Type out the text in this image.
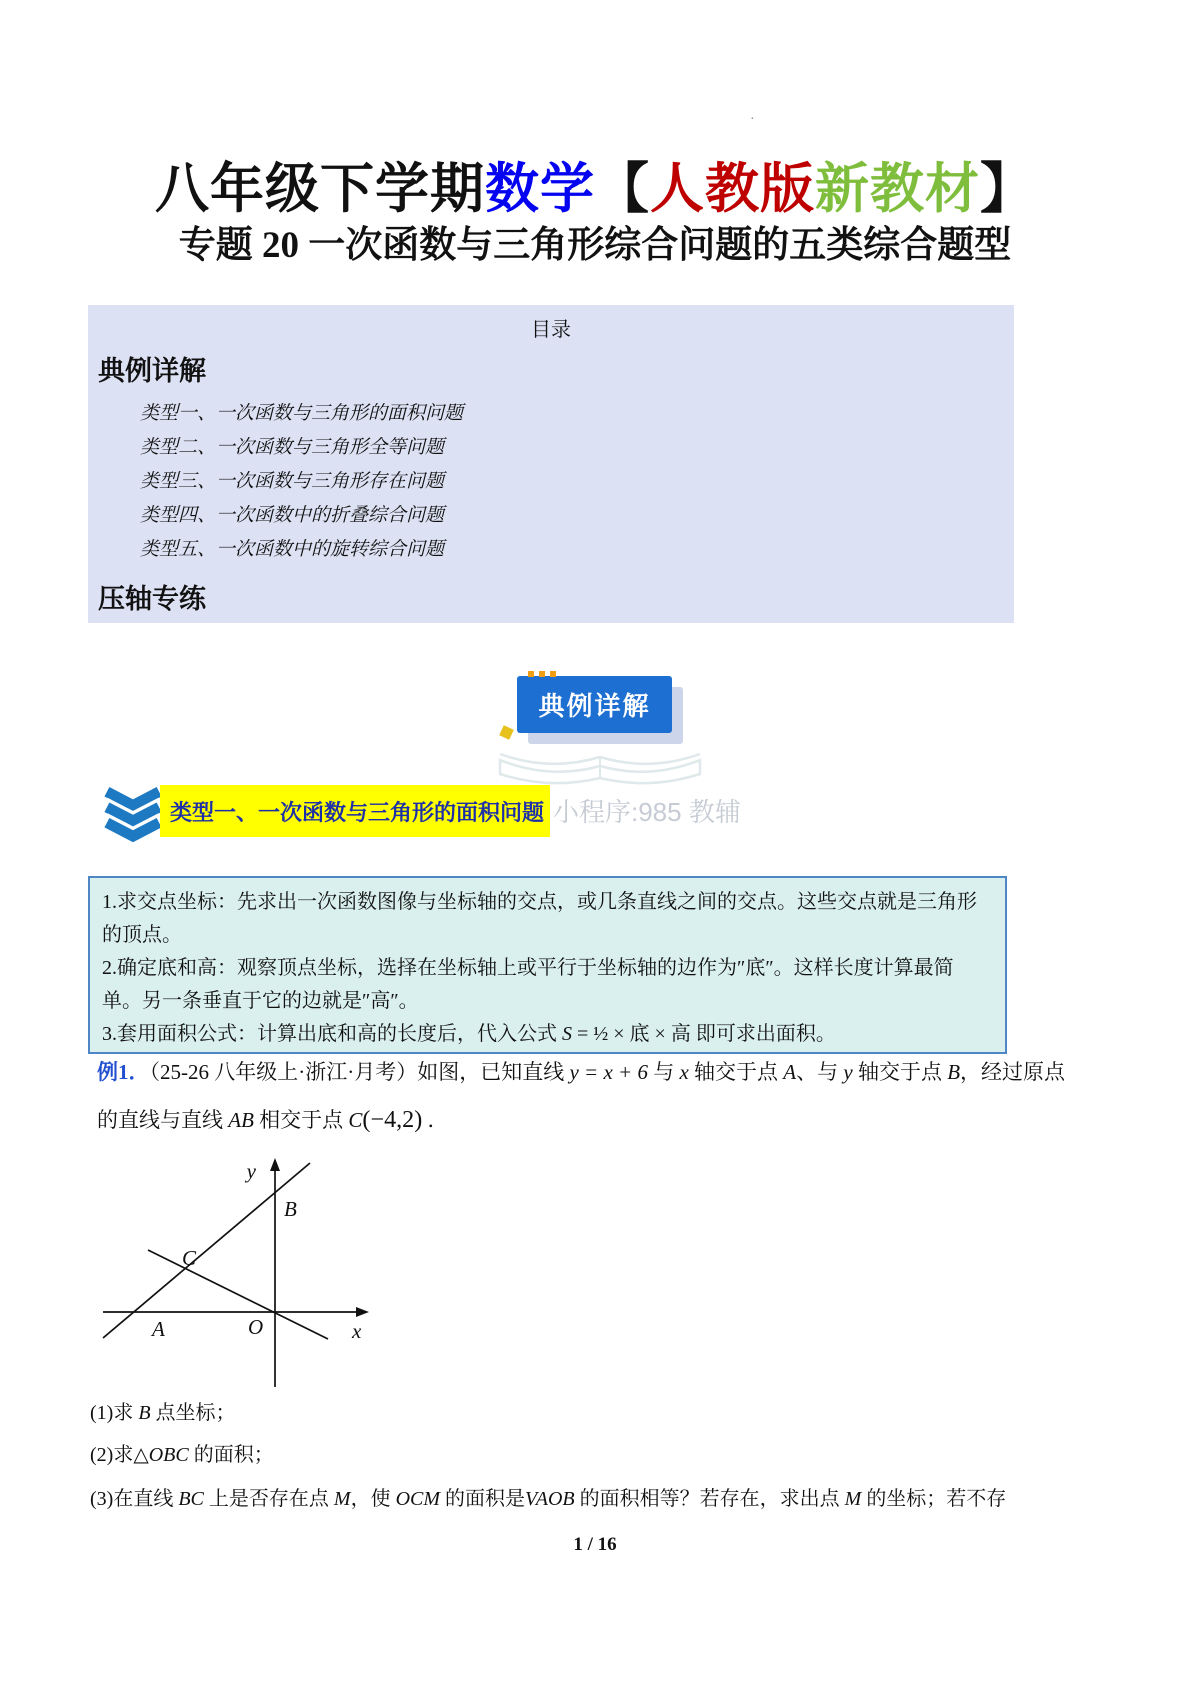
·
八年级下学期数学【人教版新教材】
专题 20 一次函数与三角形综合问题的五类综合题型
目录
典例详解
类型一、一次函数与三角形的面积问题
类型二、一次函数与三角形全等问题
类型三、一次函数与三角形存在问题
类型四、一次函数中的折叠综合问题
类型五、一次函数中的旋转综合问题
压轴专练
典例详解
小程序:985 教辅
类型一、一次函数与三角形的面积问题

1.求交点坐标：先求出一次函数图像与坐标轴的交点，或几条直线之间的交点。这些交点就是三角形的顶点。

2.确定底和高：观察顶点坐标，选择在坐标轴上或平行于坐标轴的边作为″底″。这样长度计算最简单。另一条垂直于它的边就是″高″。

3.套用面积公式：计算出底和高的长度后，代入公式 S = ½ × 底 × 高 即可求出面积。

例1．（25-26 八年级上·浙江·月考）如图，已知直线 y = x + 6 与 x 轴交于点 A、与 y 轴交于点 B，经过原点
的直线与直线 AB 相交于点 C(−4,2) ．
y
x
O
B
C
A
(1)求 B 点坐标；
(2)求△OBC 的面积；
(3)在直线 BC 上是否存在点 M，使 OCM 的面积是VAOB 的面积相等？若存在，求出点 M 的坐标；若不存
1 / 16
